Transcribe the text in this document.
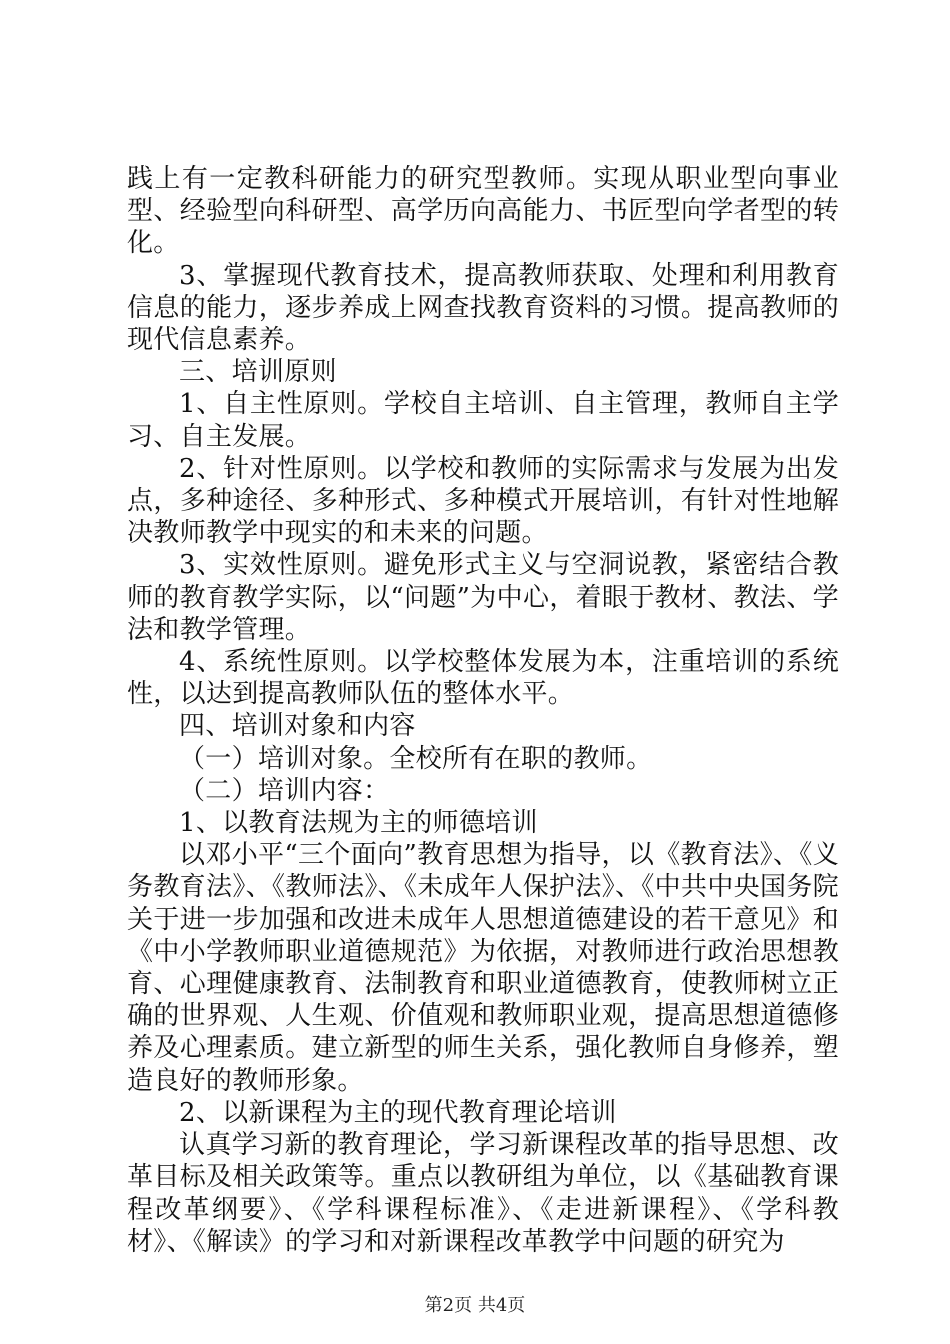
践上有一定教科研能力的研究型教师。实现从职业型向事业型、经验型向科研型、高学历向高能力、书匠型向学者型的转化。

3、掌握现代教育技术，提高教师获取、处理和利用教育信息的能力，逐步养成上网查找教育资料的习惯。提高教师的现代信息素养。

三、培训原则

1、自主性原则。学校自主培训、自主管理，教师自主学习、自主发展。

2、针对性原则。以学校和教师的实际需求与发展为出发点，多种途径、多种形式、多种模式开展培训，有针对性地解决教师教学中现实的和未来的问题。

3、实效性原则。避免形式主义与空洞说教，紧密结合教师的教育教学实际，以“问题”为中心，着眼于教材、教法、学法和教学管理。

4、系统性原则。以学校整体发展为本，注重培训的系统性，以达到提高教师队伍的整体水平。

四、培训对象和内容

（一）培训对象。全校所有在职的教师。

（二）培训内容：

1、以教育法规为主的师德培训

以邓小平“三个面向”教育思想为指导，以《教育法》、《义务教育法》、《教师法》、《未成年人保护法》、《中共中央国务院关于进一步加强和改进未成年人思想道德建设的若干意见》和《中小学教师职业道德规范》为依据，对教师进行政治思想教育、心理健康教育、法制教育和职业道德教育，使教师树立正确的世界观、人生观、价值观和教师职业观，提高思想道德修养及心理素质。建立新型的师生关系，强化教师自身修养，塑造良好的教师形象。

2、以新课程为主的现代教育理论培训

认真学习新的教育理论，学习新课程改革的指导思想、改革目标及相关政策等。重点以教研组为单位，以《基础教育课程改革纲要》、《学科课程标准》、《走进新课程》、《学科教材》、《解读》的学习和对新课程改革教学中问题的研究为

第2页 共4页
